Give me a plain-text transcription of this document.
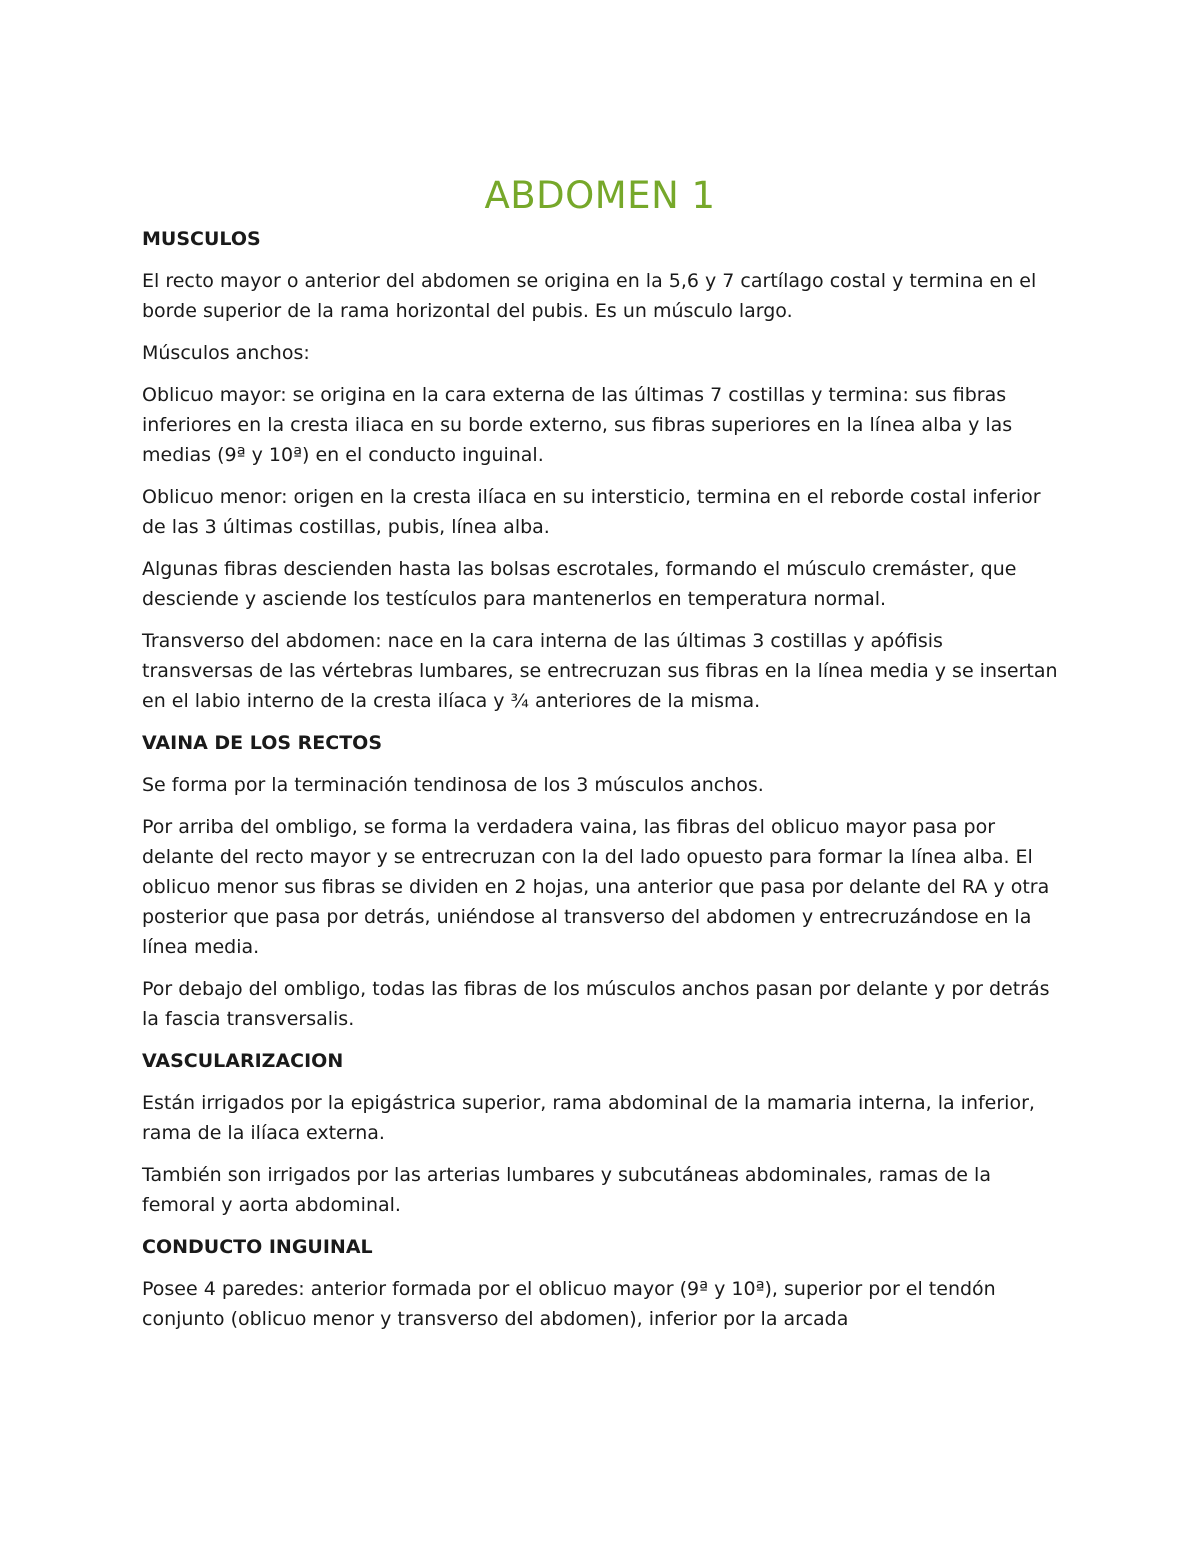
ABDOMEN 1
MUSCULOS

El recto mayor o anterior del abdomen se origina en la 5,6 y 7 cartílago costal y termina en el borde superior de la rama horizontal del pubis. Es un músculo largo.

Músculos anchos:

Oblicuo mayor: se origina en la cara externa de las últimas 7 costillas y termina: sus fibras inferiores en la cresta iliaca en su borde externo, sus fibras superiores en la línea alba y las medias (9ª y 10ª) en el conducto inguinal.

Oblicuo menor: origen en la cresta ilíaca en su intersticio, termina en el reborde costal inferior de las 3 últimas costillas, pubis, línea alba.

Algunas fibras descienden hasta las bolsas escrotales, formando el músculo cremáster, que desciende y asciende los testículos para mantenerlos en temperatura normal.

Transverso del abdomen: nace en la cara interna de las últimas 3 costillas y apófisis transversas de las vértebras lumbares, se entrecruzan sus fibras en la línea media y se insertan en el labio interno de la cresta ilíaca y ¾ anteriores de la misma.

VAINA DE LOS RECTOS

Se forma por la terminación tendinosa de los 3 músculos anchos.

Por arriba del ombligo, se forma la verdadera vaina, las fibras del oblicuo mayor pasa por delante del recto mayor y se entrecruzan con la del lado opuesto para formar la línea alba. El oblicuo menor sus fibras se dividen en 2 hojas, una anterior que pasa por delante del RA y otra posterior que pasa por detrás, uniéndose al transverso del abdomen y entrecruzándose en la línea media.

Por debajo del ombligo, todas las fibras de los músculos anchos pasan por delante y por detrás la fascia transversalis.

VASCULARIZACION

Están irrigados por la epigástrica superior, rama abdominal de la mamaria interna, la inferior, rama de la ilíaca externa.

También son irrigados por las arterias lumbares y subcutáneas abdominales, ramas de la femoral y aorta abdominal.

CONDUCTO INGUINAL

Posee 4 paredes: anterior formada por el oblicuo mayor (9ª y 10ª), superior por el tendón conjunto (oblicuo menor y transverso del abdomen), inferior por la arcada
